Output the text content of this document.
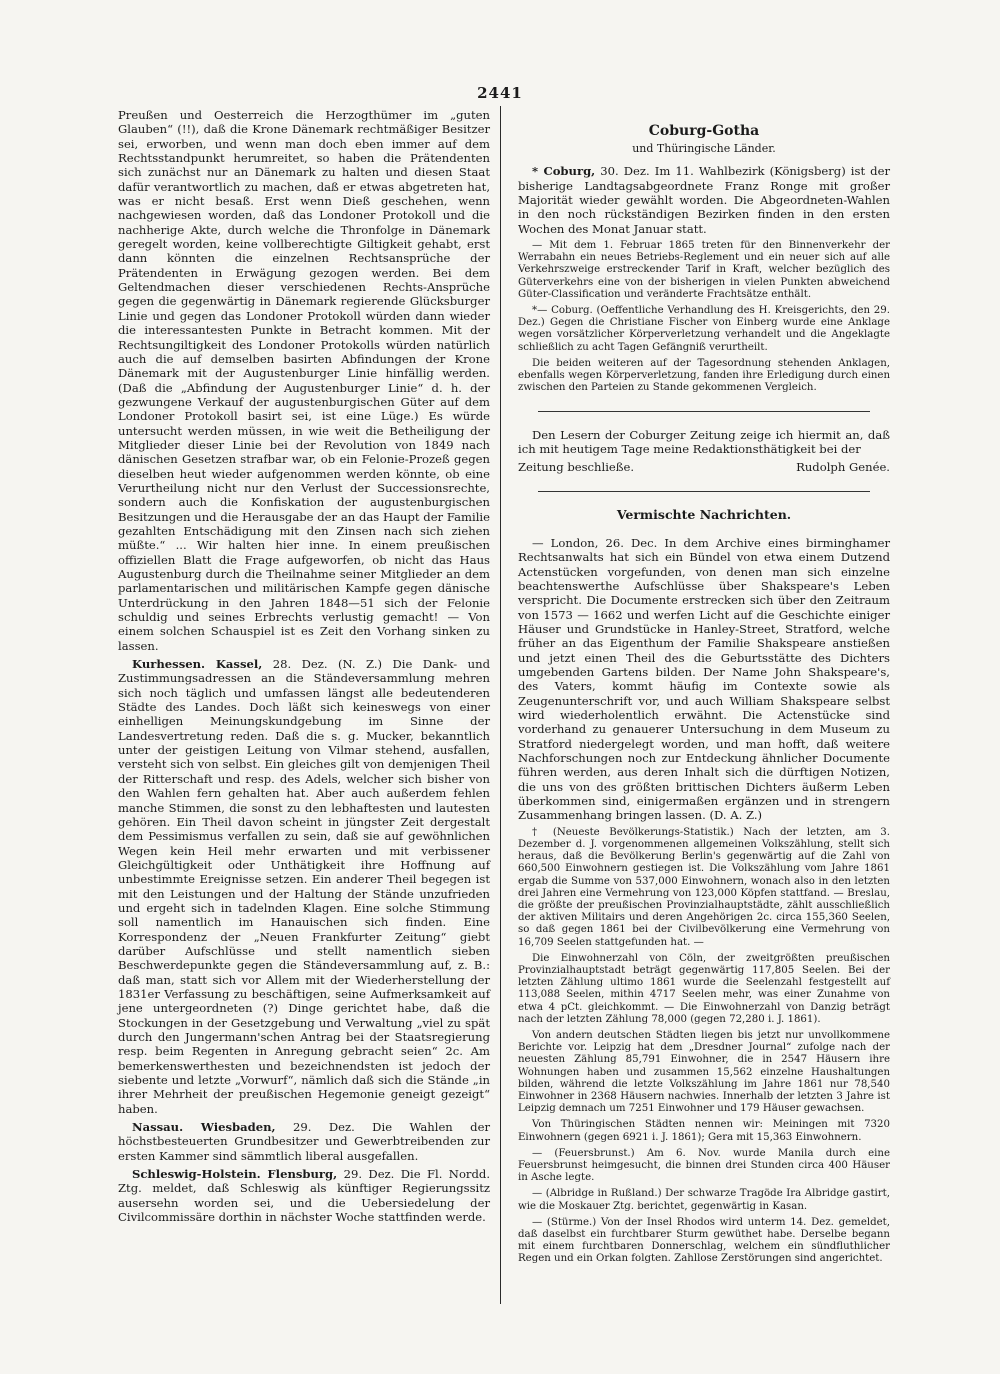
2441

Preußen und Oesterreich die Herzogthümer im „guten Glauben“ (!!), daß die Krone Dänemark rechtmäßiger Besitzer sei, erworben, und wenn man doch eben immer auf dem Rechtsstandpunkt herumreitet, so haben die Prätendenten sich zunächst nur an Dänemark zu halten und diesen Staat dafür verantwortlich zu machen, daß er etwas abgetreten hat, was er nicht besaß. Erst wenn Dieß geschehen, wenn nachgewiesen worden, daß das Londoner Protokoll und die nachherige Akte, durch welche die Thronfolge in Dänemark geregelt worden, keine vollberechtigte Giltigkeit gehabt, erst dann könnten die einzelnen Rechtsansprüche der Prätendenten in Erwägung gezogen werden. Bei dem Geltendmachen dieser verschiedenen Rechts-Ansprüche gegen die gegenwärtig in Dänemark regierende Glücksburger Linie und gegen das Londoner Protokoll würden dann wieder die interessantesten Punkte in Betracht kommen. Mit der Rechtsungiltigkeit des Londoner Protokolls würden natürlich auch die auf demselben basirten Abfindungen der Krone Dänemark mit der Augustenburger Linie hinfällig werden. (Daß die „Abfindung der Augustenburger Linie“ d. h. der gezwungene Verkauf der augustenburgischen Güter auf dem Londoner Protokoll basirt sei, ist eine Lüge.) Es würde untersucht werden müssen, in wie weit die Betheiligung der Mitglieder dieser Linie bei der Revolution von 1849 nach dänischen Gesetzen strafbar war, ob ein Felonie-Prozeß gegen dieselben heut wieder aufgenommen werden könnte, ob eine Verurtheilung nicht nur den Verlust der Successionsrechte, sondern auch die Konfiskation der augustenburgischen Besitzungen und die Herausgabe der an das Haupt der Familie gezahlten Entschädigung mit den Zinsen nach sich ziehen müßte.“ ... Wir halten hier inne. In einem preußischen offiziellen Blatt die Frage aufgeworfen, ob nicht das Haus Augustenburg durch die Theilnahme seiner Mitglieder an dem parlamentarischen und militärischen Kampfe gegen dänische Unterdrückung in den Jahren 1848—51 sich der Felonie schuldig und seines Erbrechts verlustig gemacht! — Von einem solchen Schauspiel ist es Zeit den Vorhang sinken zu lassen.

Kurhessen. Kassel, 28. Dez. (N. Z.) Die Dank- und Zustimmungsadressen an die Ständeversammlung mehren sich noch täglich und umfassen längst alle bedeutenderen Städte des Landes. Doch läßt sich keineswegs von einer einhelligen Meinungskundgebung im Sinne der Landesvertretung reden. Daß die s. g. Mucker, bekanntlich unter der geistigen Leitung von Vilmar stehend, ausfallen, versteht sich von selbst. Ein gleiches gilt von demjenigen Theil der Ritterschaft und resp. des Adels, welcher sich bisher von den Wahlen fern gehalten hat. Aber auch außerdem fehlen manche Stimmen, die sonst zu den lebhaftesten und lautesten gehören. Ein Theil davon scheint in jüngster Zeit dergestalt dem Pessimismus verfallen zu sein, daß sie auf gewöhnlichen Wegen kein Heil mehr erwarten und mit verbissener Gleichgültigkeit oder Unthätigkeit ihre Hoffnung auf unbestimmte Ereignisse setzen. Ein anderer Theil begegen ist mit den Leistungen und der Haltung der Stände unzufrieden und ergeht sich in tadelnden Klagen. Eine solche Stimmung soll namentlich im Hanauischen sich finden. Eine Korrespondenz der „Neuen Frankfurter Zeitung“ giebt darüber Aufschlüsse und stellt namentlich sieben Beschwerdepunkte gegen die Ständeversammlung auf, z. B.: daß man, statt sich vor Allem mit der Wiederherstellung der 1831er Verfassung zu beschäftigen, seine Aufmerksamkeit auf jene untergeordneten (?) Dinge gerichtet habe, daß die Stockungen in der Gesetzgebung und Verwaltung „viel zu spät durch den Jungermann'schen Antrag bei der Staatsregierung resp. beim Regenten in Anregung gebracht seien“ 2c. Am bemerkenswerthesten und bezeichnendsten ist jedoch der siebente und letzte „Vorwurf“, nämlich daß sich die Stände „in ihrer Mehrheit der preußischen Hegemonie geneigt gezeigt“ haben.

Nassau. Wiesbaden, 29. Dez. Die Wahlen der höchstbesteuerten Grundbesitzer und Gewerbtreibenden zur ersten Kammer sind sämmtlich liberal ausgefallen.

Schleswig-Holstein. Flensburg, 29. Dez. Die Fl. Nordd. Ztg. meldet, daß Schleswig als künftiger Regierungssitz ausersehn worden sei, und die Uebersiedelung der Civilcommissäre dorthin in nächster Woche stattfinden werde.

Coburg-Gotha
und Thüringische Länder.

* Coburg, 30. Dez. Im 11. Wahlbezirk (Königsberg) ist der bisherige Landtagsabgeordnete Franz Ronge mit großer Majorität wieder gewählt worden. Die Abgeordneten-Wahlen in den noch rückständigen Bezirken finden in den ersten Wochen des Monat Januar statt.

— Mit dem 1. Februar 1865 treten für den Binnenverkehr der Werrabahn ein neues Betriebs-Reglement und ein neuer sich auf alle Verkehrszweige erstreckender Tarif in Kraft, welcher bezüglich des Güterverkehrs eine von der bisherigen in vielen Punkten abweichend Güter-Classification und veränderte Frachtsätze enthält.

*— Coburg. (Oeffentliche Verhandlung des H. Kreisgerichts, den 29. Dez.) Gegen die Christiane Fischer von Einberg wurde eine Anklage wegen vorsätzlicher Körperverletzung verhandelt und die Angeklagte schließlich zu acht Tagen Gefängniß verurtheilt.

Die beiden weiteren auf der Tagesordnung stehenden Anklagen, ebenfalls wegen Körperverletzung, fanden ihre Erledigung durch einen zwischen den Parteien zu Stande gekommenen Vergleich.

Den Lesern der Coburger Zeitung zeige ich hiermit an, daß ich mit heutigem Tage meine Redaktionsthätigkeit bei der

Zeitung beschließe.	Rudolph Genée.
Vermischte Nachrichten.

— London, 26. Dec. In dem Archive eines birminghamer Rechtsanwalts hat sich ein Bündel von etwa einem Dutzend Actenstücken vorgefunden, von denen man sich einzelne beachtenswerthe Aufschlüsse über Shakspeare's Leben verspricht. Die Documente erstrecken sich über den Zeitraum von 1573 — 1662 und werfen Licht auf die Geschichte einiger Häuser und Grundstücke in Hanley-Street, Stratford, welche früher an das Eigenthum der Familie Shakspeare anstießen und jetzt einen Theil des die Geburtsstätte des Dichters umgebenden Gartens bilden. Der Name John Shakspeare's, des Vaters, kommt häufig im Contexte sowie als Zeugenunterschrift vor, und auch William Shakspeare selbst wird wiederholentlich erwähnt. Die Actenstücke sind vorderhand zu genauerer Untersuchung in dem Museum zu Stratford niedergelegt worden, und man hofft, daß weitere Nachforschungen noch zur Entdeckung ähnlicher Documente führen werden, aus deren Inhalt sich die dürftigen Notizen, die uns von des größten brittischen Dichters äußerm Leben überkommen sind, einigermaßen ergänzen und in strengern Zusammenhang bringen lassen. (D. A. Z.)

† (Neueste Bevölkerungs-Statistik.) Nach der letzten, am 3. Dezember d. J. vorgenommenen allgemeinen Volkszählung, stellt sich heraus, daß die Bevölkerung Berlin's gegenwärtig auf die Zahl von 660,500 Einwohnern gestiegen ist. Die Volkszählung vom Jahre 1861 ergab die Summe von 537,000 Einwohnern, wonach also in den letzten drei Jahren eine Vermehrung von 123,000 Köpfen stattfand. — Breslau, die größte der preußischen Provinzialhauptstädte, zählt ausschließlich der aktiven Militairs und deren Angehörigen 2c. circa 155,360 Seelen, so daß gegen 1861 bei der Civilbevölkerung eine Vermehrung von 16,709 Seelen stattgefunden hat. —

Die Einwohnerzahl von Cöln, der zweitgrößten preußischen Provinzialhauptstadt beträgt gegenwärtig 117,805 Seelen. Bei der letzten Zählung ultimo 1861 wurde die Seelenzahl festgestellt auf 113,088 Seelen, mithin 4717 Seelen mehr, was einer Zunahme von etwa 4 pCt. gleichkommt. — Die Einwohnerzahl von Danzig beträgt nach der letzten Zählung 78,000 (gegen 72,280 i. J. 1861).

Von andern deutschen Städten liegen bis jetzt nur unvollkommene Berichte vor. Leipzig hat dem „Dresdner Journal“ zufolge nach der neuesten Zählung 85,791 Einwohner, die in 2547 Häusern ihre Wohnungen haben und zusammen 15,562 einzelne Haushaltungen bilden, während die letzte Volkszählung im Jahre 1861 nur 78,540 Einwohner in 2368 Häusern nachwies. Innerhalb der letzten 3 Jahre ist Leipzig demnach um 7251 Einwohner und 179 Häuser gewachsen.

Von Thüringischen Städten nennen wir: Meiningen mit 7320 Einwohnern (gegen 6921 i. J. 1861); Gera mit 15,363 Einwohnern.

— (Feuersbrunst.) Am 6. Nov. wurde Manila durch eine Feuersbrunst heimgesucht, die binnen drei Stunden circa 400 Häuser in Asche legte.

— (Albridge in Rußland.) Der schwarze Tragöde Ira Albridge gastirt, wie die Moskauer Ztg. berichtet, gegenwärtig in Kasan.

— (Stürme.) Von der Insel Rhodos wird unterm 14. Dez. gemeldet, daß daselbst ein furchtbarer Sturm gewüthet habe. Derselbe begann mit einem furchtbaren Donnerschlag, welchem ein sündfluthlicher Regen und ein Orkan folgten. Zahllose Zerstörungen sind angerichtet.
